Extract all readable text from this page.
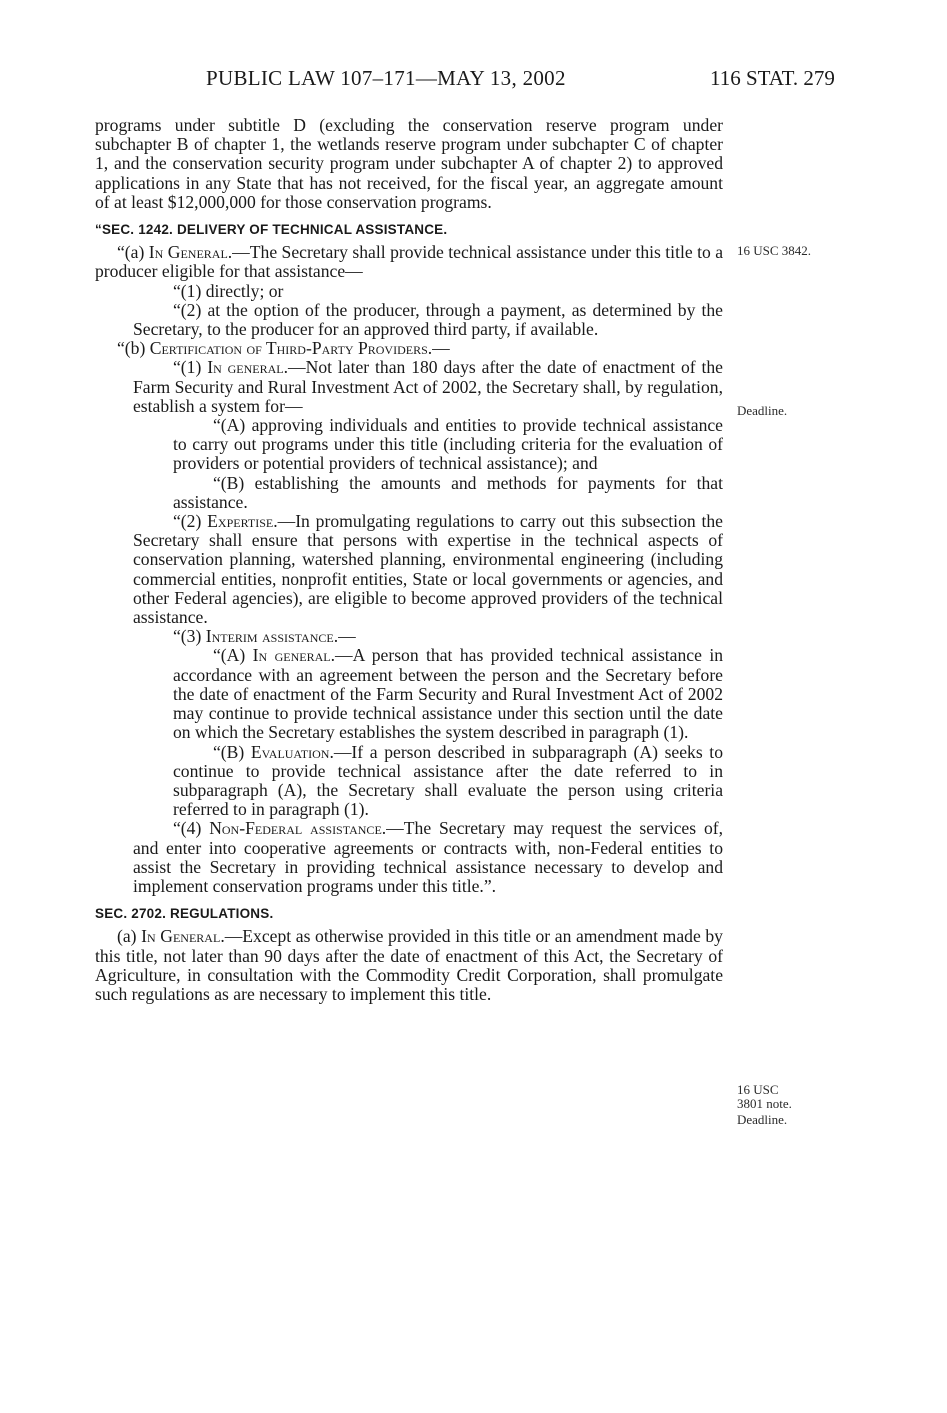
PUBLIC LAW 107–171—MAY 13, 2002	116 STAT. 279

programs under subtitle D (excluding the conservation reserve program under subchapter B of chapter 1, the wetlands reserve program under subchapter C of chapter 1, and the conservation security program under subchapter A of chapter 2) to approved applications in any State that has not received, for the fiscal year, an aggregate amount of at least $12,000,000 for those conservation programs.

“SEC. 1242. DELIVERY OF TECHNICAL ASSISTANCE.

“(a) In General.—The Secretary shall provide technical assistance under this title to a producer eligible for that assistance—

“(1) directly; or

“(2) at the option of the producer, through a payment, as determined by the Secretary, to the producer for an approved third party, if available.

“(b) Certification of Third-Party Providers.—

“(1) In general.—Not later than 180 days after the date of enactment of the Farm Security and Rural Investment Act of 2002, the Secretary shall, by regulation, establish a system for—

“(A) approving individuals and entities to provide technical assistance to carry out programs under this title (including criteria for the evaluation of providers or potential providers of technical assistance); and

“(B) establishing the amounts and methods for payments for that assistance.

“(2) Expertise.—In promulgating regulations to carry out this subsection the Secretary shall ensure that persons with expertise in the technical aspects of conservation planning, watershed planning, environmental engineering (including commercial entities, nonprofit entities, State or local governments or agencies, and other Federal agencies), are eligible to become approved providers of the technical assistance.

“(3) Interim assistance.—

“(A) In general.—A person that has provided technical assistance in accordance with an agreement between the person and the Secretary before the date of enactment of the Farm Security and Rural Investment Act of 2002 may continue to provide technical assistance under this section until the date on which the Secretary establishes the system described in paragraph (1).

“(B) Evaluation.—If a person described in subparagraph (A) seeks to continue to provide technical assistance after the date referred to in subparagraph (A), the Secretary shall evaluate the person using criteria referred to in paragraph (1).

“(4) Non-Federal assistance.—The Secretary may request the services of, and enter into cooperative agreements or contracts with, non-Federal entities to assist the Secretary in providing technical assistance necessary to develop and implement conservation programs under this title.”.

SEC. 2702. REGULATIONS.

(a) In General.—Except as otherwise provided in this title or an amendment made by this title, not later than 90 days after the date of enactment of this Act, the Secretary of Agriculture, in consultation with the Commodity Credit Corporation, shall promulgate such regulations as are necessary to implement this title.

16 USC 3842.
Deadline.
16 USC 3801 note.
Deadline.
